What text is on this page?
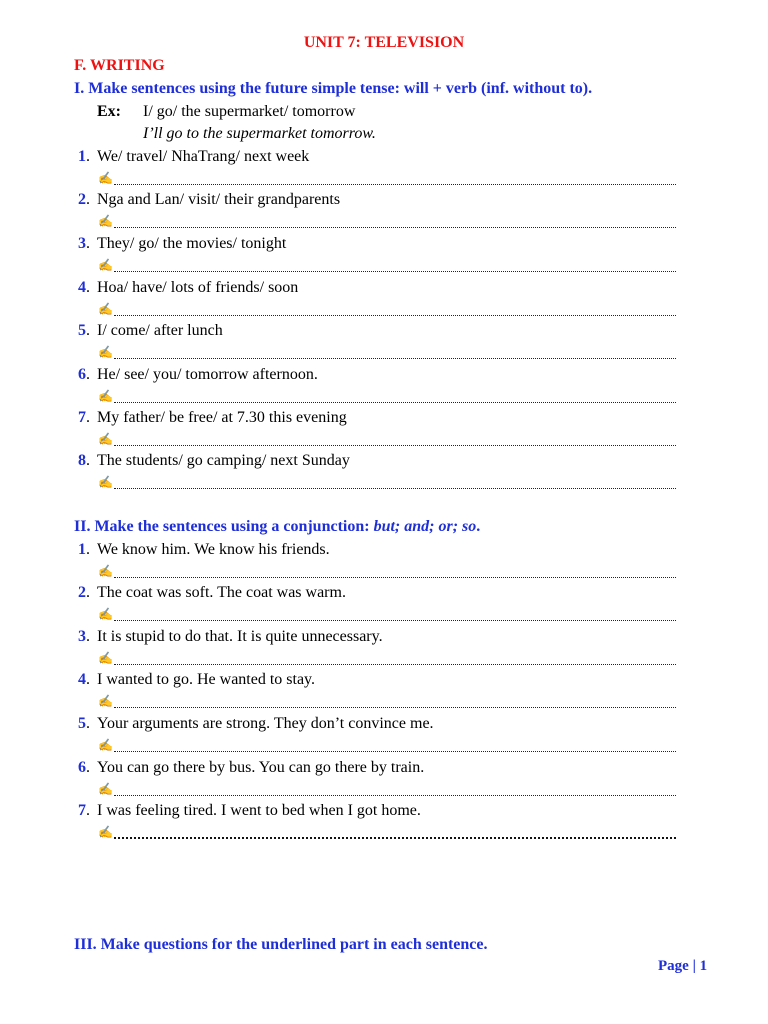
UNIT 7: TELEVISION
F. WRITING
I. Make sentences using the future simple tense: will + verb (inf. without to).
Ex: I/ go/ the supermarket/ tomorrow
I’ll go to the supermarket tomorrow.
1. We/ travel/ NhaTrang/ next week
✍
2. Nga and Lan/ visit/ their grandparents
✍
3. They/ go/ the movies/ tonight
✍
4. Hoa/ have/ lots of friends/ soon
✍
5. I/ come/ after lunch
✍
6. He/ see/ you/ tomorrow afternoon.
✍
7. My father/ be free/ at 7.30 this evening
✍
8. The students/ go camping/ next Sunday
✍
II. Make the sentences using a conjunction: but; and; or; so.
1. We know him. We know his friends.
✍
2. The coat was soft. The coat was warm.
✍
3. It is stupid to do that. It is quite unnecessary.
✍
4. I wanted to go. He wanted to stay.
✍
5. Your arguments are strong. They don’t convince me.
✍
6. You can go there by bus. You can go there by train.
✍
7. I was feeling tired. I went to bed when I got home.
✍
III. Make questions for the underlined part in each sentence.
Page | 1
